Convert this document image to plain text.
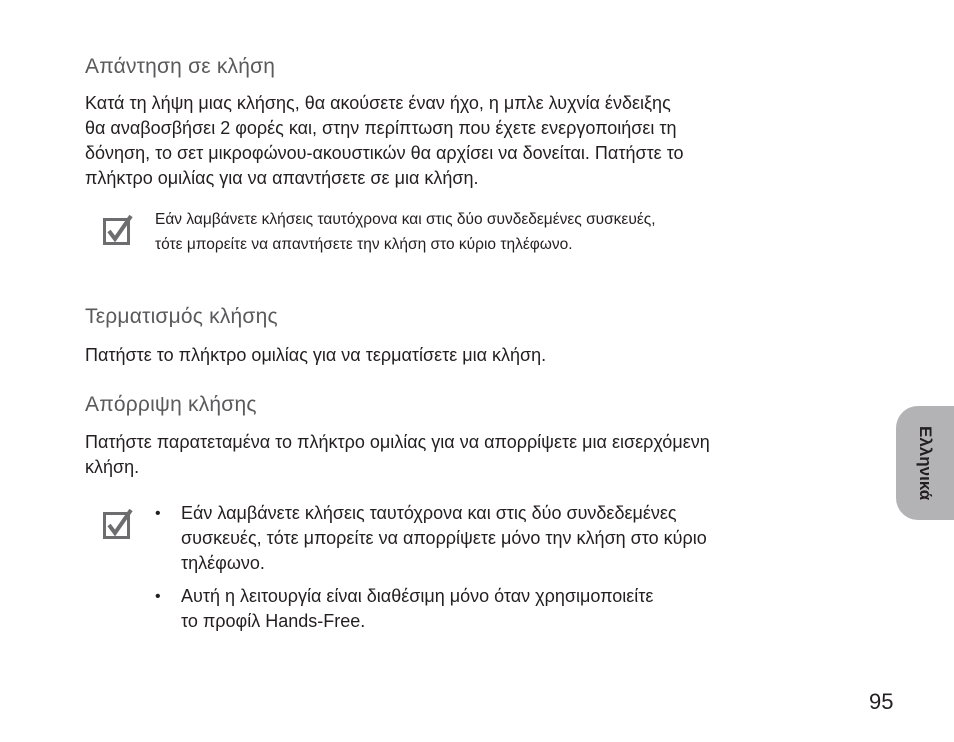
Απάντηση σε κλήση

Κατά τη λήψη μιας κλήσης, θα ακούσετε έναν ήχο, η μπλε λυχνία ένδειξης

θα αναβοσβήσει 2 φορές και, στην περίπτωση που έχετε ενεργοποιήσει τη

δόνηση, το σετ μικροφώνου-ακουστικών θα αρχίσει να δονείται. Πατήστε το

πλήκτρο ομιλίας για να απαντήσετε σε μια κλήση.

Εάν λαμβάνετε κλήσεις ταυτόχρονα και στις δύο συνδεδεμένες συσκευές,

τότε μπορείτε να απαντήσετε την κλήση στο κύριο τηλέφωνο.

Τερματισμός κλήσης

Πατήστε το πλήκτρο ομιλίας για να τερματίσετε μια κλήση.

Απόρριψη κλήσης

Πατήστε παρατεταμένα το πλήκτρο ομιλίας για να απορρίψετε μια εισερχόμενη

κλήση.

• Εάν λαμβάνετε κλήσεις ταυτόχρονα και στις δύο συνδεδεμένες
συσκευές, τότε μπορείτε να απορρίψετε μόνο την κλήση στο κύριο
τηλέφωνο.
• Αυτή η λειτουργία είναι διαθέσιμη μόνο όταν χρησιμοποιείτε
το προφίλ Hands-Free.
Ελληνικά
95
